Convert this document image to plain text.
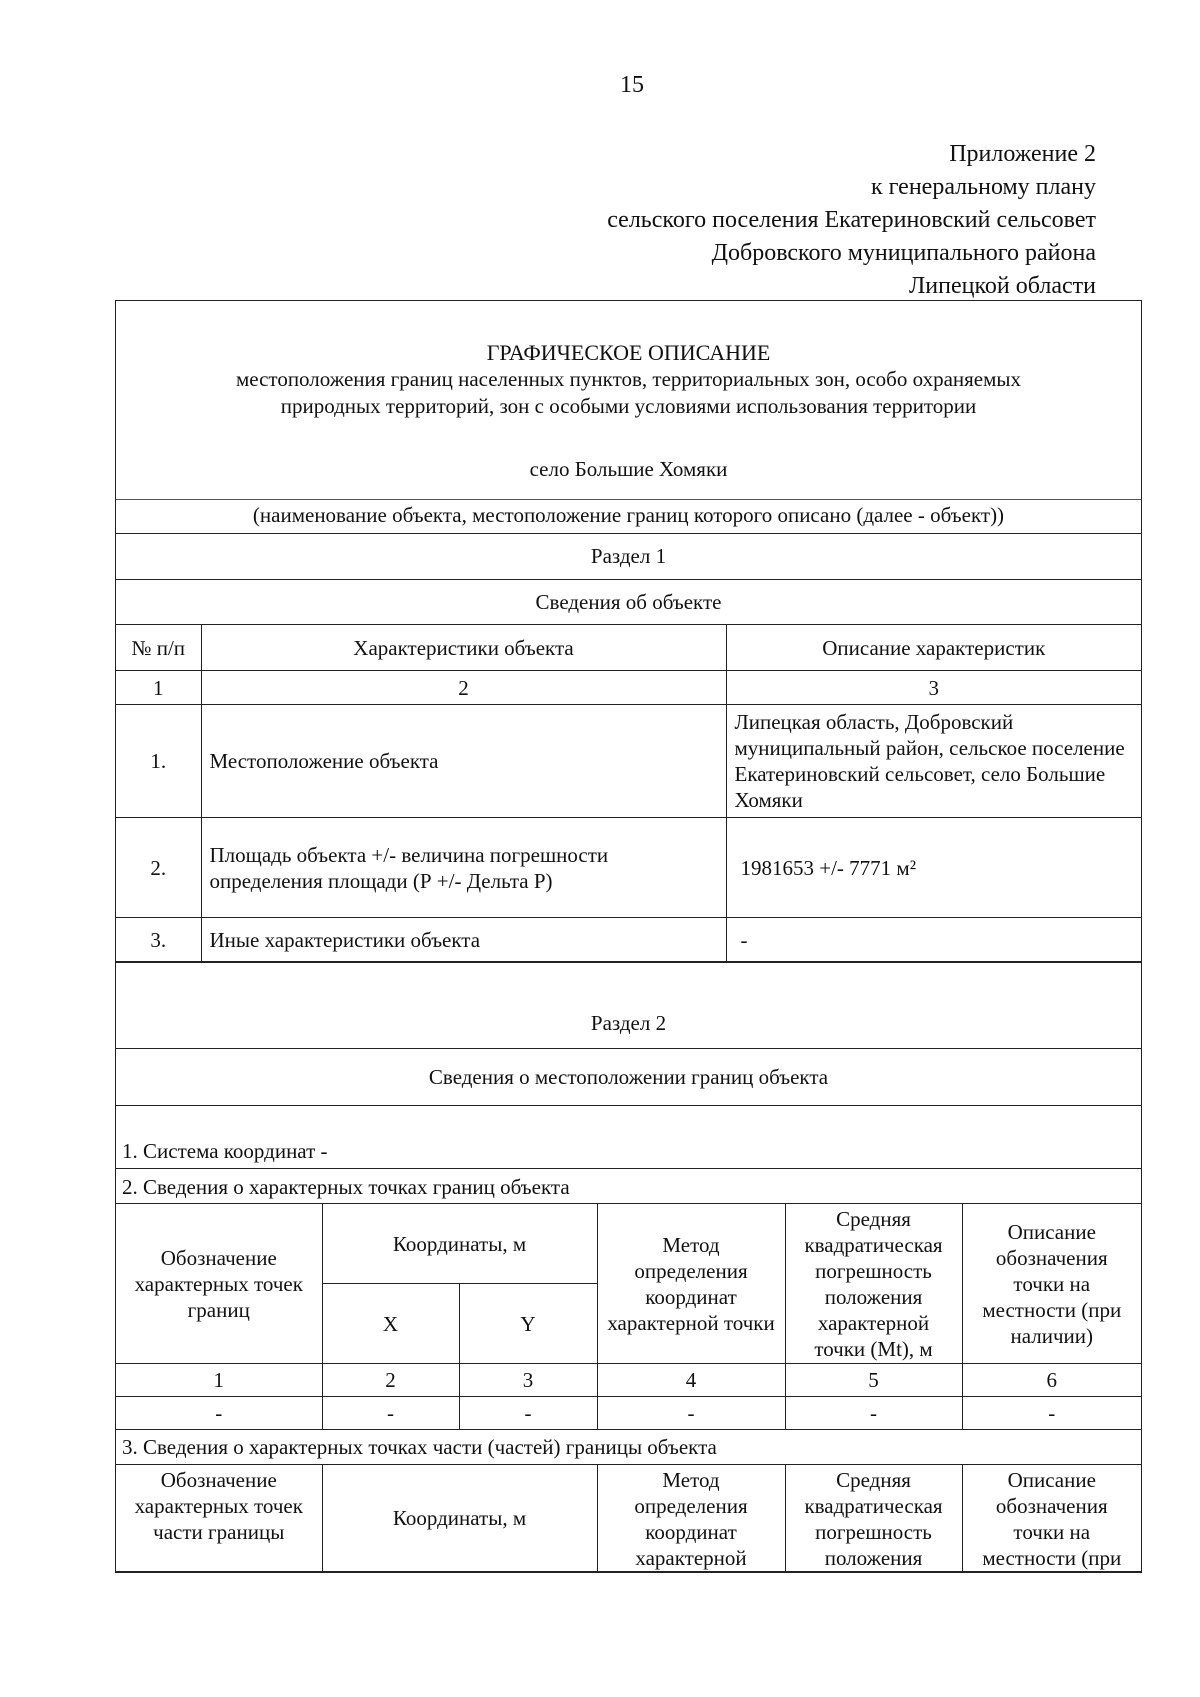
15
Приложение 2
к генеральному плану
сельского поселения Екатериновский сельсовет
Добровского муниципального района
Липецкой области
ГРАФИЧЕСКОЕ ОПИСАНИЕ
местоположения границ населенных пунктов, территориальных зон, особо охраняемых
природных территорий, зон с особыми условиями использования территории
село Большие Хомяки
(наименование объекта, местоположение границ которого описано (далее - объект))
Раздел 1
Сведения об объекте
№ п/п	Характеристики объекта	Описание характеристик
1	2	3
1.	Местоположение объекта	Липецкая область, Добровский муниципальный район, сельское поселение Екатериновский сельсовет, село Большие Хомяки
2.	Площадь объекта +/- величина погрешности определения площади (Р +/- Дельта Р)	1981653 +/- 7771 м²
3.	Иные характеристики объекта	-
Раздел 2
Сведения о местоположении границ объекта
1. Система координат -
2. Сведения о характерных точках границ объекта
Обозначение характерных точек границ	Координаты, м		Метод определения координат характерной точки	Средняя квадратическая погрешность положения характерной точки (Mt), м	Описание обозначения точки на местности (при наличии)
	X	Y			
1	2	3	4	5	6
-	-	-	-	-	-
3. Сведения о характерных точках части (частей) границы объекта					
Обозначение характерных точек части границы	Координаты, м		Метод определения координат характерной	Средняя квадратическая погрешность положения	Описание обозначения точки на местности (при
